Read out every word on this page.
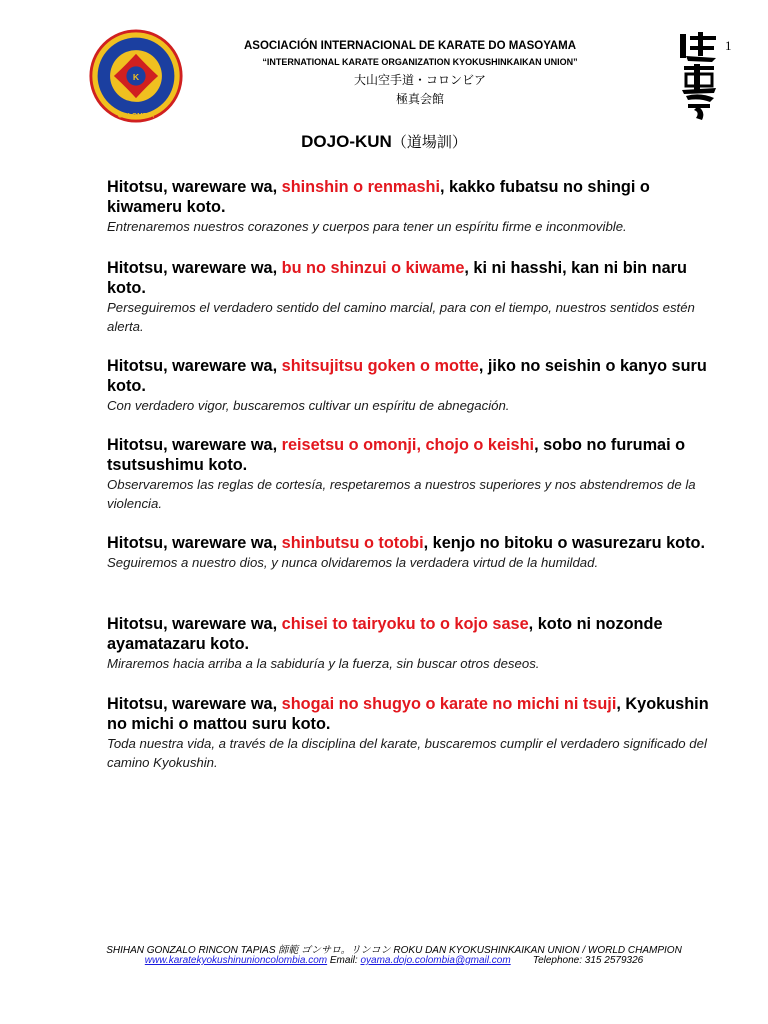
K
COLOMBIA
1
ASOCIACIÓN INTERNACIONAL DE KARATE DO MASOYAMA
“INTERNATIONAL KARATE ORGANIZATION KYOKUSHINKAIKAN UNION”
大山空手道・コロンビア
極真会館
DOJO-KUN（道場訓）
Hitotsu, wareware wa, shinshin o renmashi, kakko fubatsu no shingi o kiwameru koto.
Entrenaremos nuestros corazones y cuerpos para tener un espíritu firme e inconmovible.
Hitotsu, wareware wa, bu no shinzui o kiwame, ki ni hasshi, kan ni bin naru koto.
Perseguiremos el verdadero sentido del camino marcial, para con el tiempo, nuestros sentidos estén alerta.
Hitotsu, wareware wa, shitsujitsu goken o motte, jiko no seishin o kanyo suru koto.
Con verdadero vigor, buscaremos cultivar un espíritu de abnegación.
Hitotsu, wareware wa, reisetsu o omonji, chojo o keishi, sobo no furumai o tsutsushimu koto.
Observaremos las reglas de cortesía, respetaremos a nuestros superiores y nos abstendremos de la violencia.
Hitotsu, wareware wa, shinbutsu o totobi, kenjo no bitoku o wasurezaru koto.
Seguiremos a nuestro dios, y nunca olvidaremos la verdadera virtud de la humildad.
Hitotsu, wareware wa, chisei to tairyoku to o kojo sase, koto ni nozonde ayamatazaru koto.
Miraremos hacia arriba a la sabiduría y la fuerza, sin buscar otros deseos.
Hitotsu, wareware wa, shogai no shugyo o karate no michi ni tsuji, Kyokushin no michi o mattou suru koto.
Toda nuestra vida, a través de la disciplina del karate, buscaremos cumplir el verdadero significado del camino Kyokushin.
SHIHAN GONZALO RINCON TAPIAS 師範 ゴンサロ。リンコン ROKU DAN KYOKUSHINKAIKAN UNION / WORLD CHAMPION
www.karatekyokushinunioncolombia.com Email: oyama.dojo.colombia@gmail.com        Telephone: 315 2579326
